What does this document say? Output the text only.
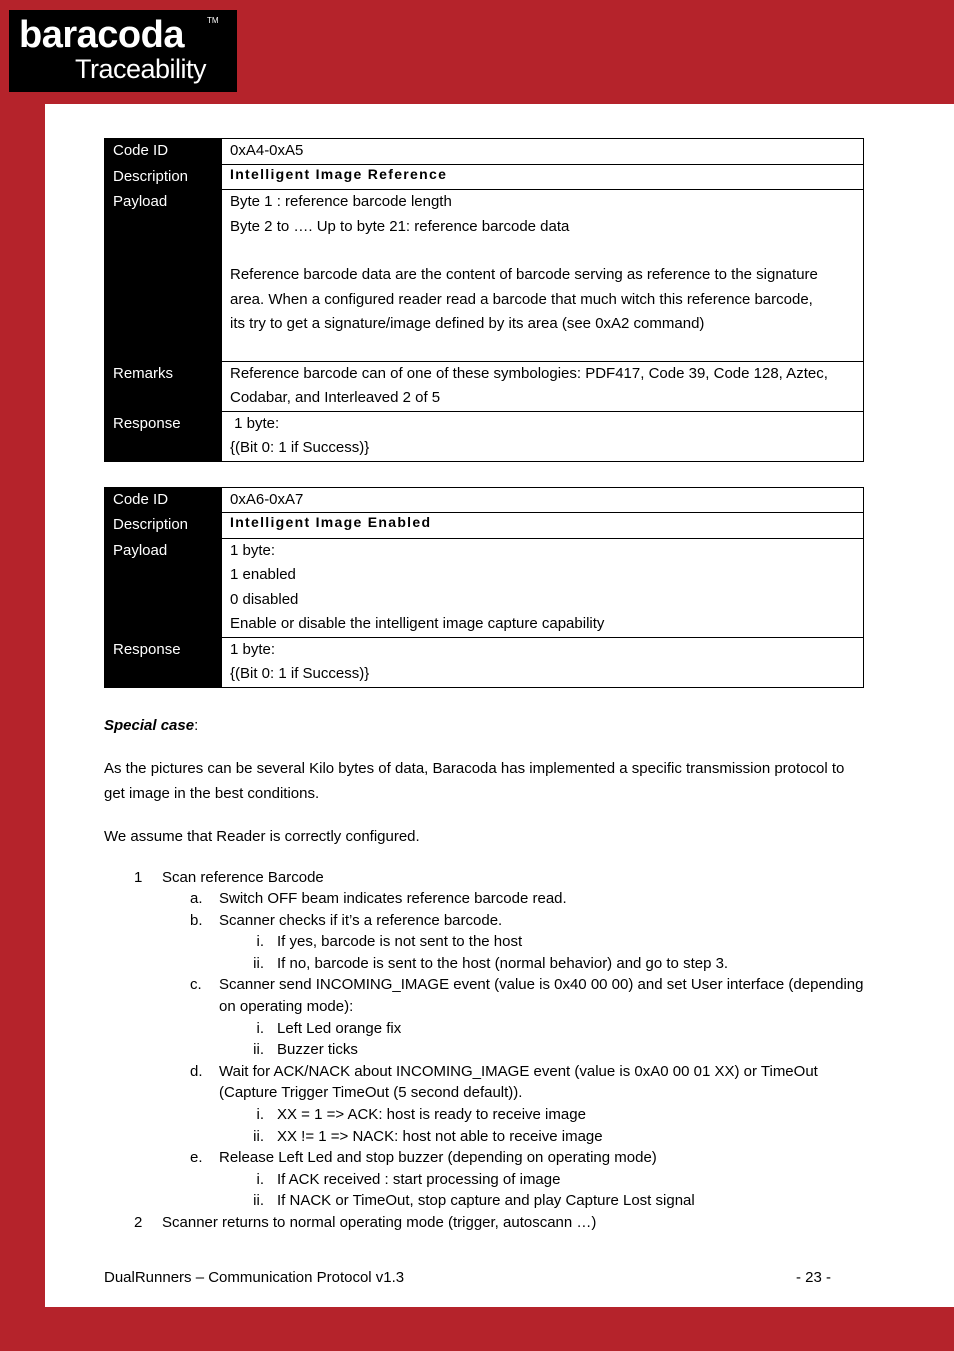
baracoda	TM
Traceability
Code ID	0xA4-0xA5

Description	Intelligent Image Reference

Payload	Byte 1 : reference barcode length
Byte 2 to …. Up to byte 21: reference barcode data
Reference barcode data are the content of barcode serving as reference to the signature
area. When a configured reader read a barcode that much witch this reference barcode,
its try to get a signature/image defined by its area (see 0xA2 command)

Remarks	Reference barcode can of one of these symbologies: PDF417, Code 39, Code 128, Aztec,
Codabar, and Interleaved 2 of 5

Response	1 byte:
{(Bit 0: 1 if Success)}
Code ID	0xA6-0xA7

Description	Intelligent Image Enabled

Payload	1 byte:
1 enabled
0 disabled
Enable or disable the intelligent image capture capability

Response	1 byte:
{(Bit 0: 1 if Success)}

Special case:

As the pictures can be several Kilo bytes of data, Baracoda has implemented a specific transmission protocol to get image in the best conditions.

We assume that Reader is correctly configured.

1	Scan reference Barcode
a.	Switch OFF beam indicates reference barcode read.
b.	Scanner checks if it’s a reference barcode.
i. If yes, barcode is not sent to the host
ii. If no, barcode is sent to the host (normal behavior) and go to step 3.
c.	Scanner send INCOMING_IMAGE event (value is 0x40 00 00) and set User interface (depending on operating mode):
i. Left Led orange fix
ii. Buzzer ticks
d.	Wait for ACK/NACK about INCOMING_IMAGE event (value is 0xA0 00 01 XX) or TimeOut (Capture Trigger TimeOut (5 second default)).
i. XX = 1 => ACK: host is ready to receive image
ii. XX != 1 => NACK: host not able to receive image
e.	Release Left Led and stop buzzer (depending on operating mode)
i. If ACK received : start processing of image
ii. If NACK or TimeOut, stop capture and play Capture Lost signal
2	Scanner returns to normal operating mode (trigger, autoscann …)
DualRunners – Communication Protocol v1.3	- 23 -
